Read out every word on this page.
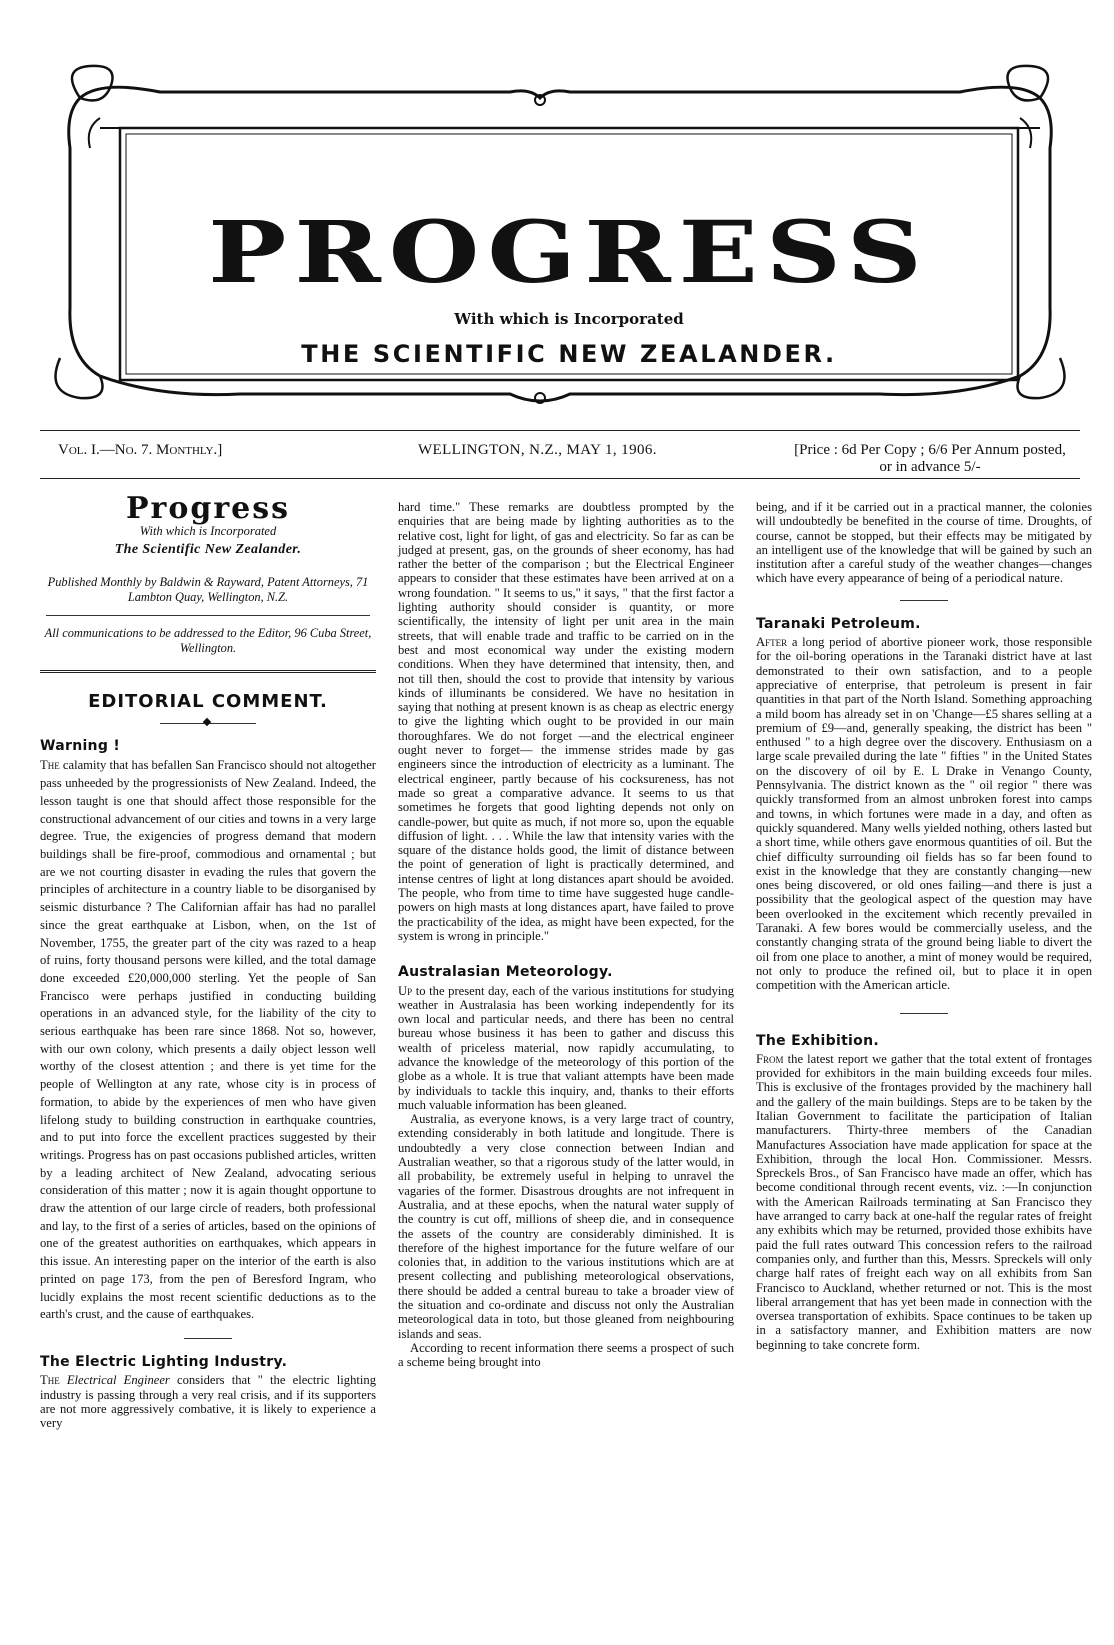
PROGRESS
With which is Incorporated
THE SCIENTIFIC NEW ZEALANDER.
Vol. I.—No. 7. Monthly.]	WELLINGTON, N.Z., MAY 1, 1906.	[Price : 6d Per Copy ; 6/6 Per Annum posted,
or in advance 5/-
Progress
With which is Incorporated
The Scientific New Zealander.
Published Monthly by Baldwin & Rayward, Patent Attorneys, 71 Lambton Quay, Wellington, N.Z.
All communications to be addressed to the Editor, 96 Cuba Street, Wellington.
EDITORIAL COMMENT.
Warning !

The calamity that has befallen San Francisco should not altogether pass unheeded by the progressionists of New Zealand. Indeed, the lesson taught is one that should affect those responsible for the constructional advancement of our cities and towns in a very large degree. True, the exigencies of progress demand that modern buildings shall be fire-proof, commodious and ornamental ; but are we not courting disaster in evading the rules that govern the principles of architecture in a country liable to be disorganised by seismic disturbance ? The Californian affair has had no parallel since the great earthquake at Lisbon, when, on the 1st of November, 1755, the greater part of the city was razed to a heap of ruins, forty thousand persons were killed, and the total damage done exceeded £20,000,000 sterling. Yet the people of San Francisco were perhaps justified in conducting building operations in an advanced style, for the liability of the city to serious earthquake has been rare since 1868. Not so, however, with our own colony, which presents a daily object lesson well worthy of the closest attention ; and there is yet time for the people of Wellington at any rate, whose city is in process of formation, to abide by the experiences of men who have given lifelong study to building construction in earthquake countries, and to put into force the excellent practices suggested by their writings. Progress has on past occasions published articles, written by a leading architect of New Zealand, advocating serious consideration of this matter ; now it is again thought opportune to draw the attention of our large circle of readers, both professional and lay, to the first of a series of articles, based on the opinions of one of the greatest authorities on earthquakes, which appears in this issue. An interesting paper on the interior of the earth is also printed on page 173, from the pen of Beresford Ingram, who lucidly explains the most recent scientific deductions as to the earth's crust, and the cause of earthquakes.

The Electric Lighting Industry.

The Electrical Engineer considers that " the electric lighting industry is passing through a very real crisis, and if its supporters are not more aggressively combative, it is likely to experience a very

hard time." These remarks are doubtless prompted by the enquiries that are being made by lighting authorities as to the relative cost, light for light, of gas and electricity. So far as can be judged at present, gas, on the grounds of sheer economy, has had rather the better of the comparison ; but the Electrical Engineer appears to consider that these estimates have been arrived at on a wrong foundation. " It seems to us," it says, " that the first factor a lighting authority should consider is quantity, or more scientifically, the intensity of light per unit area in the main streets, that will enable trade and traffic to be carried on in the best and most economical way under the existing modern conditions. When they have determined that intensity, then, and not till then, should the cost to provide that intensity by various kinds of illuminants be considered. We have no hesitation in saying that nothing at present known is as cheap as electric energy to give the lighting which ought to be provided in our main thoroughfares. We do not forget —and the electrical engineer ought never to forget— the immense strides made by gas engineers since the introduction of electricity as a luminant. The electrical engineer, partly because of his cocksureness, has not made so great a comparative advance. It seems to us that sometimes he forgets that good lighting depends not only on candle-power, but quite as much, if not more so, upon the equable diffusion of light. . . . While the law that intensity varies with the square of the distance holds good, the limit of distance between the point of generation of light is practically determined, and intense centres of light at long distances apart should be avoided. The people, who from time to time have suggested huge candle-powers on high masts at long distances apart, have failed to prove the practicability of the idea, as might have been expected, for the system is wrong in principle."

Australasian Meteorology.

Up to the present day, each of the various institutions for studying weather in Australasia has been working independently for its own local and particular needs, and there has been no central bureau whose business it has been to gather and discuss this wealth of priceless material, now rapidly accumulating, to advance the knowledge of the meteorology of this portion of the globe as a whole. It is true that valiant attempts have been made by individuals to tackle this inquiry, and, thanks to their efforts much valuable information has been gleaned.

Australia, as everyone knows, is a very large tract of country, extending considerably in both latitude and longitude. There is undoubtedly a very close connection between Indian and Australian weather, so that a rigorous study of the latter would, in all probability, be extremely useful in helping to unravel the vagaries of the former. Disastrous droughts are not infrequent in Australia, and at these epochs, when the natural water supply of the country is cut off, millions of sheep die, and in consequence the assets of the country are considerably diminished. It is therefore of the highest importance for the future welfare of our colonies that, in addition to the various institutions which are at present collecting and publishing meteorological observations, there should be added a central bureau to take a broader view of the situation and co-ordinate and discuss not only the Australian meteorological data in toto, but those gleaned from neighbouring islands and seas.

According to recent information there seems a prospect of such a scheme being brought into

being, and if it be carried out in a practical manner, the colonies will undoubtedly be benefited in the course of time. Droughts, of course, cannot be stopped, but their effects may be mitigated by an intelligent use of the knowledge that will be gained by such an institution after a careful study of the weather changes—changes which have every appearance of being of a periodical nature.

Taranaki Petroleum.

After a long period of abortive pioneer work, those responsible for the oil-boring operations in the Taranaki district have at last demonstrated to their own satisfaction, and to a people appreciative of enterprise, that petroleum is present in fair quantities in that part of the North Island. Something approaching a mild boom has already set in on 'Change—£5 shares selling at a premium of £9—and, generally speaking, the district has been " enthused " to a high degree over the discovery. Enthusiasm on a large scale prevailed during the late " fifties " in the United States on the discovery of oil by E. L Drake in Venango County, Pennsylvania. The district known as the " oil regior " there was quickly transformed from an almost unbroken forest into camps and towns, in which fortunes were made in a day, and often as quickly squandered. Many wells yielded nothing, others lasted but a short time, while others gave enormous quantities of oil. But the chief difficulty surrounding oil fields has so far been found to exist in the knowledge that they are constantly changing—new ones being discovered, or old ones failing—and there is just a possibility that the geological aspect of the question may have been overlooked in the excitement which recently prevailed in Taranaki. A few bores would be commercially useless, and the constantly changing strata of the ground being liable to divert the oil from one place to another, a mint of money would be required, not only to produce the refined oil, but to place it in open competition with the American article.

The Exhibition.

From the latest report we gather that the total extent of frontages provided for exhibitors in the main building exceeds four miles. This is exclusive of the frontages provided by the machinery hall and the gallery of the main buildings. Steps are to be taken by the Italian Government to facilitate the participation of Italian manufacturers. Thirty-three members of the Canadian Manufactures Association have made application for space at the Exhibition, through the local Hon. Commissioner. Messrs. Spreckels Bros., of San Francisco have made an offer, which has become conditional through recent events, viz. :—In conjunction with the American Railroads terminating at San Francisco they have arranged to carry back at one-half the regular rates of freight any exhibits which may be returned, provided those exhibits have paid the full rates outward This concession refers to the railroad companies only, and further than this, Messrs. Spreckels will only charge half rates of freight each way on all exhibits from San Francisco to Auckland, whether returned or not. This is the most liberal arrangement that has yet been made in connection with the oversea transportation of exhibits. Space continues to be taken up in a satisfactory manner, and Exhibition matters are now beginning to take concrete form.
